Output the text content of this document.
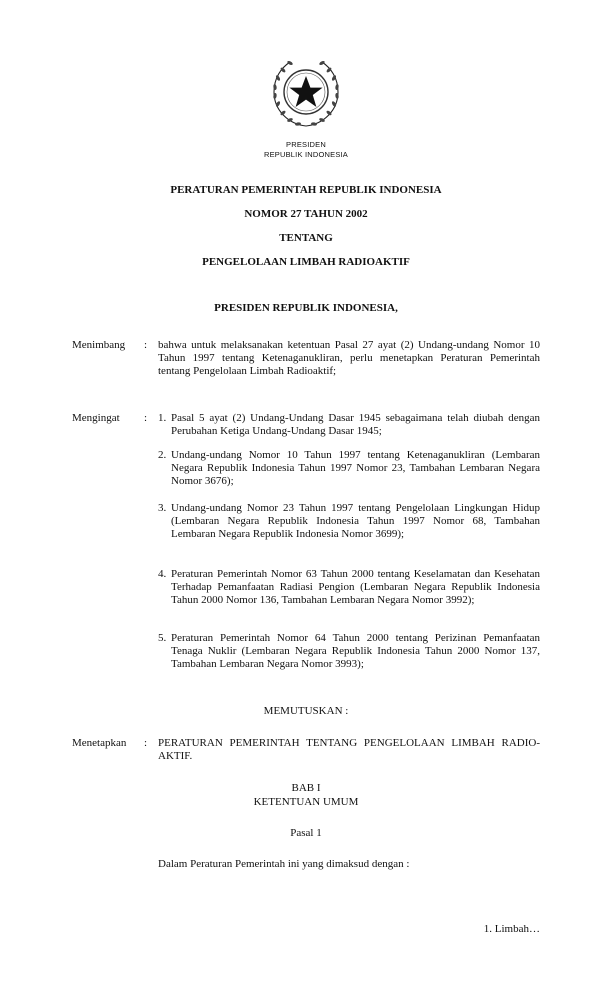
PRESIDEN
REPUBLIK INDONESIA
PERATURAN PEMERINTAH REPUBLIK INDONESIA
NOMOR 27 TAHUN 2002
TENTANG
PENGELOLAAN LIMBAH RADIOAKTIF
PRESIDEN REPUBLIK INDONESIA,
Menimbang : bahwa untuk melaksanakan ketentuan Pasal 27 ayat (2) Undang-undang Nomor 10 Tahun 1997 tentang Ketenaganukliran, perlu menetapkan Peraturan Pemerintah tentang Pengelolaan Limbah Radioaktif;
Mengingat : 1. Pasal 5 ayat (2) Undang-Undang Dasar 1945 sebagaimana telah diubah dengan Perubahan Ketiga Undang-Undang Dasar 1945;
2. Undang-undang Nomor 10 Tahun 1997 tentang Ketenaganukliran (Lembaran Negara Republik Indonesia Tahun 1997 Nomor 23, Tambahan Lembaran Negara Nomor 3676);
3. Undang-undang Nomor 23 Tahun 1997 tentang Pengelolaan Lingkungan Hidup (Lembaran Negara Republik Indonesia Tahun 1997 Nomor 68, Tambahan Lembaran Negara Republik Indonesia Nomor 3699);
4. Peraturan Pemerintah Nomor 63 Tahun 2000 tentang Keselamatan dan Kesehatan Terhadap Pemanfaatan Radiasi Pengion (Lembaran Negara Republik Indonesia Tahun 2000 Nomor 136, Tambahan Lembaran Negara Nomor 3992);
5. Peraturan Pemerintah Nomor 64 Tahun 2000 tentang Perizinan Pemanfaatan Tenaga Nuklir (Lembaran Negara Republik Indonesia Tahun 2000 Nomor 137, Tambahan Lembaran Negara Nomor 3993);
MEMUTUSKAN :
Menetapkan : PERATURAN PEMERINTAH TENTANG PENGELOLAAN LIMBAH RADIO-AKTIF.
BAB I
KETENTUAN UMUM
Pasal 1
Dalam Peraturan Pemerintah ini yang dimaksud dengan :
1. Limbah…
